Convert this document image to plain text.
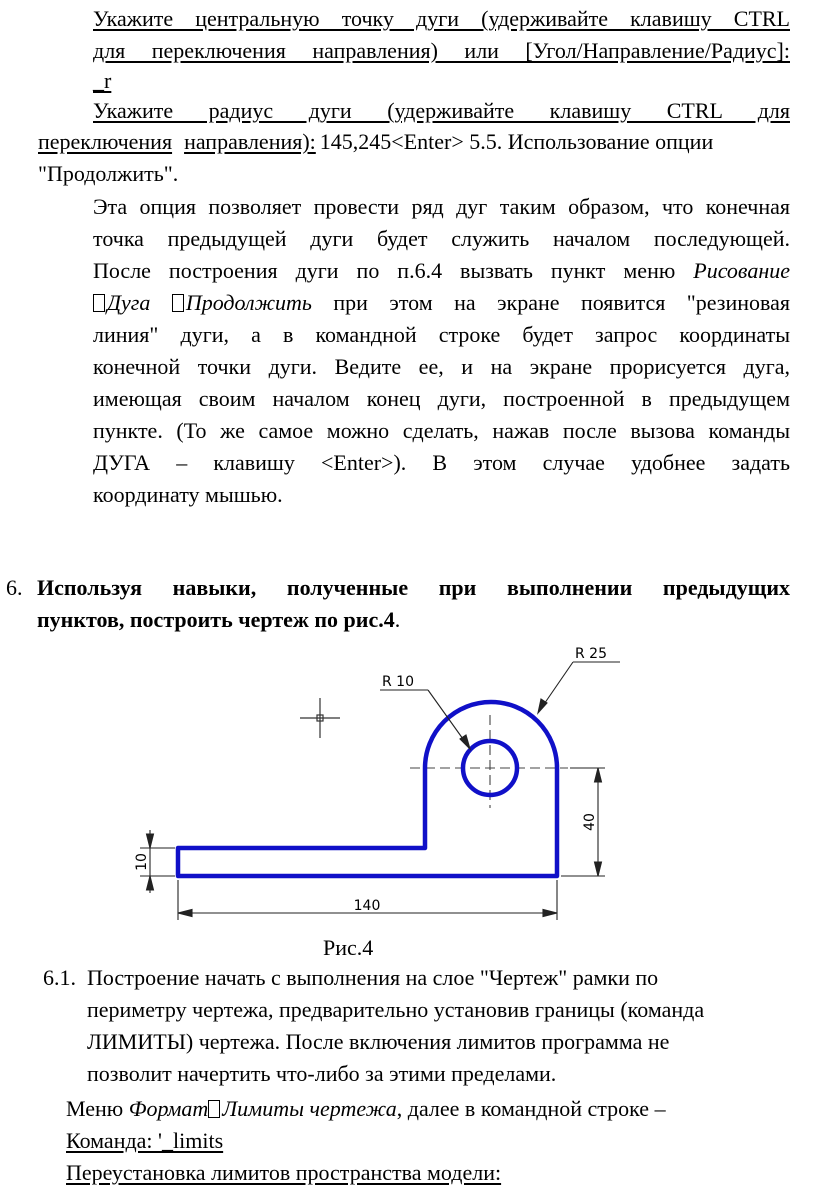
Укажите центральную точку дуги (удерживайте клавишу CTRL
для переключения направления) или [Угол/Направление/Радиус]:
_r
Укажите радиус дуги (удерживайте клавишу CTRL для
переключения направления): 145,245<Enter> 5.5. Использование опции
"Продолжить".
Эта опция позволяет провести ряд дуг таким образом, что конечная
точка предыдущей дуги будет служить началом последующей.
После построения дуги по п.6.4 вызвать пункт меню Рисование
Дуга Продолжить при этом на экране появится "резиновая
линия" дуги, а в командной строке будет запрос координаты
конечной точки дуги. Ведите ее, и на экране прорисуется дуга,
имеющая своим началом конец дуги, построенной в предыдущем
пункте. (То же самое можно сделать, нажав после вызова команды
ДУГА – клавишу <Enter>). В этом случае удобнее задать
координату мышью.
6. Используя навыки, полученные при выполнении предыдущих
пунктов, построить чертеж по рис.4.
140
40
10
R 25
R 10
Рис.4
6.1. Построение начать с выполнения на слое "Чертеж" рамки по
периметру чертежа, предварительно установив границы (команда
ЛИМИТЫ) чертежа. После включения лимитов программа не
позволит начертить что-либо за этими пределами.
Меню Формат Лимиты чертежа, далее в командной строке –
Команда: '_limits
Переустановка лимитов пространства модели:
